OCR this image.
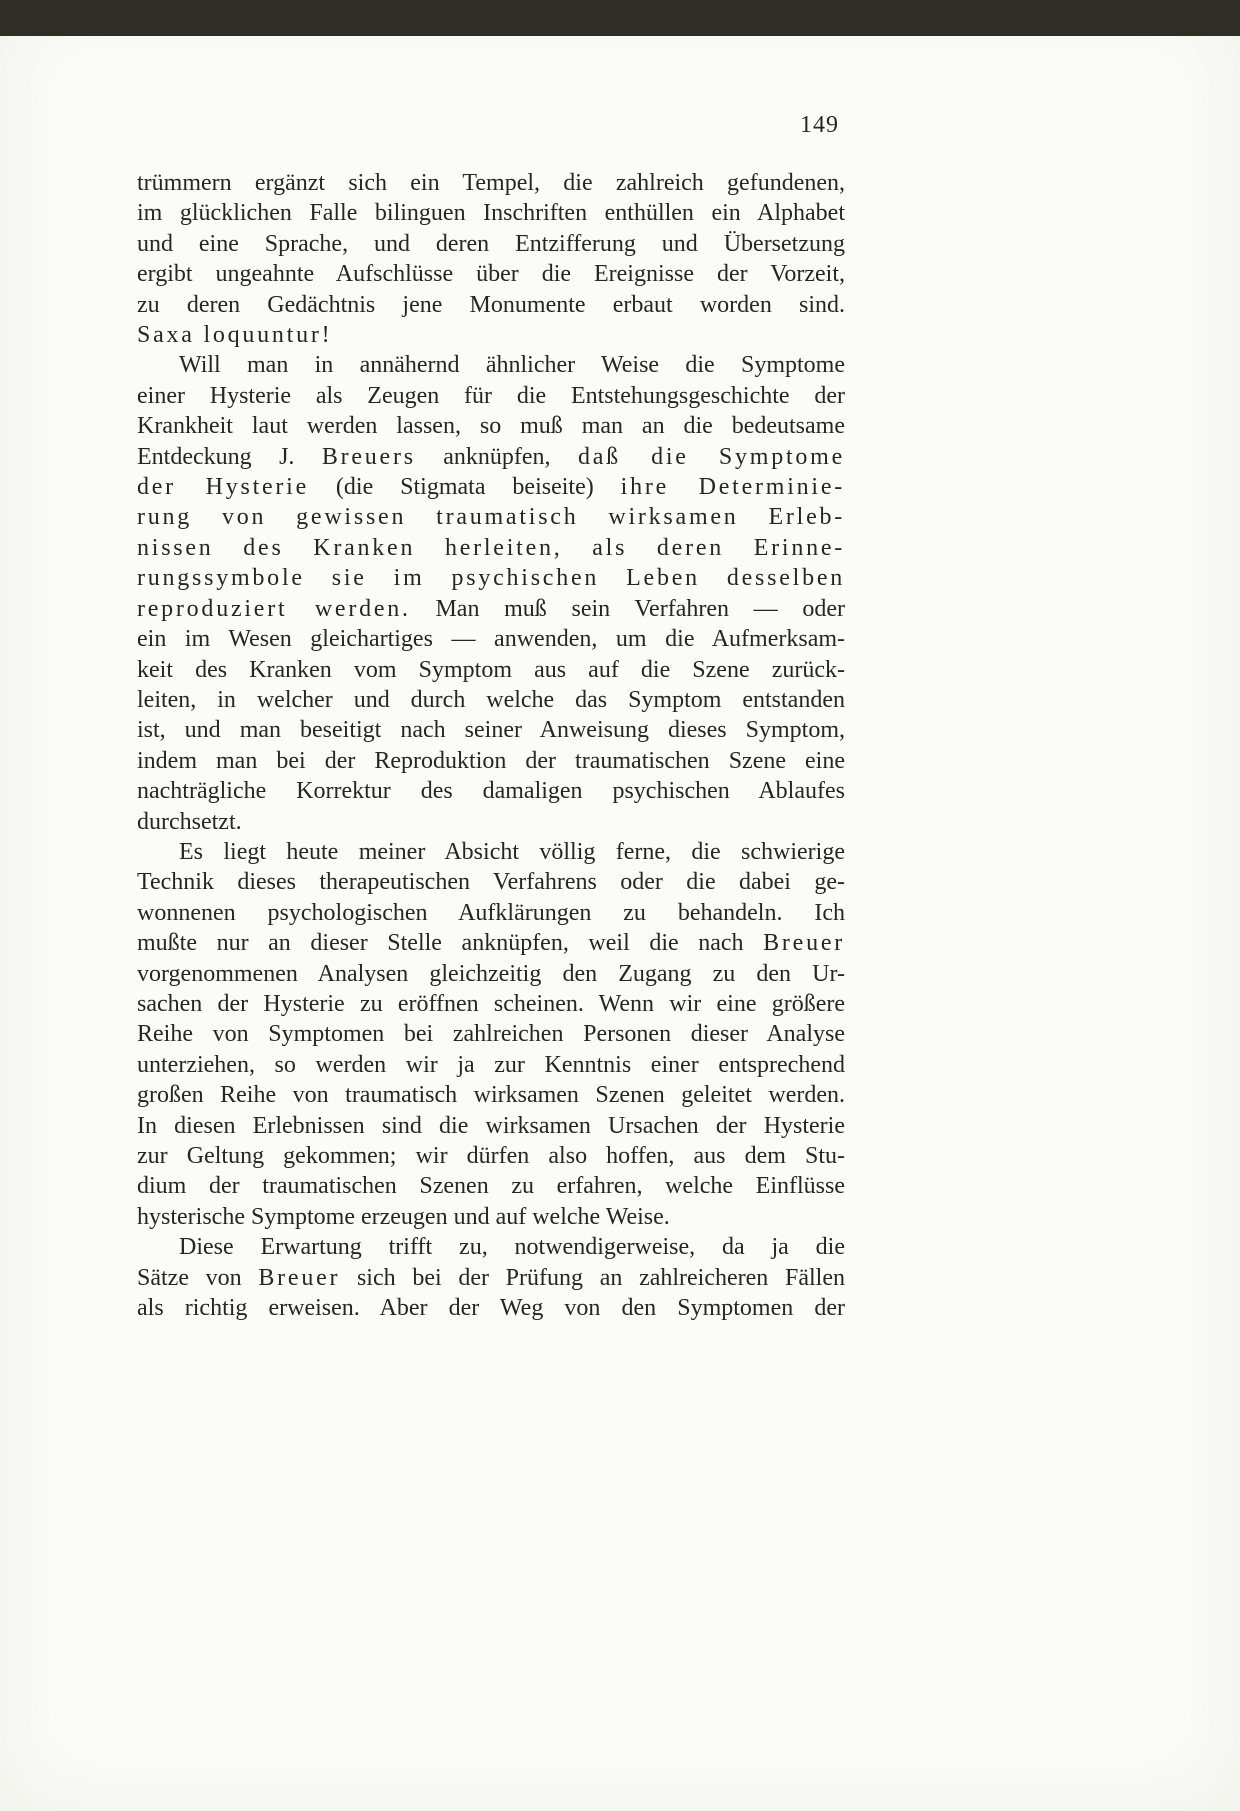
149
trümmern ergänzt sich ein Tempel, die zahlreich gefundenen,
im glücklichen Falle bilinguen Inschriften enthüllen ein Alphabet
und eine Sprache, und deren Entzifferung und Übersetzung
ergibt ungeahnte Aufschlüsse über die Ereignisse der Vorzeit,
zu deren Gedächtnis jene Monumente erbaut worden sind.
Saxa loquuntur!
Will man in annähernd ähnlicher Weise die Symptome
einer Hysterie als Zeugen für die Entstehungsgeschichte der
Krankheit laut werden lassen, so muß man an die bedeutsame
Entdeckung J. Breuers anknüpfen, daß die Symptome
der Hysterie (die Stigmata beiseite) ihre Determinie-
rung von gewissen traumatisch wirksamen Erleb-
nissen des Kranken herleiten, als deren Erinne-
rungssymbole sie im psychischen Leben desselben
reproduziert werden. Man muß sein Verfahren — oder
ein im Wesen gleichartiges — anwenden, um die Aufmerksam-
keit des Kranken vom Symptom aus auf die Szene zurück-
leiten, in welcher und durch welche das Symptom entstanden
ist, und man beseitigt nach seiner Anweisung dieses Symptom,
indem man bei der Reproduktion der traumatischen Szene eine
nachträgliche Korrektur des damaligen psychischen Ablaufes
durchsetzt.
Es liegt heute meiner Absicht völlig ferne, die schwierige
Technik dieses therapeutischen Verfahrens oder die dabei ge-
wonnenen psychologischen Aufklärungen zu behandeln. Ich
mußte nur an dieser Stelle anknüpfen, weil die nach Breuer
vorgenommenen Analysen gleichzeitig den Zugang zu den Ur-
sachen der Hysterie zu eröffnen scheinen. Wenn wir eine größere
Reihe von Symptomen bei zahlreichen Personen dieser Analyse
unterziehen, so werden wir ja zur Kenntnis einer entsprechend
großen Reihe von traumatisch wirksamen Szenen geleitet werden.
In diesen Erlebnissen sind die wirksamen Ursachen der Hysterie
zur Geltung gekommen; wir dürfen also hoffen, aus dem Stu-
dium der traumatischen Szenen zu erfahren, welche Einflüsse
hysterische Symptome erzeugen und auf welche Weise.
Diese Erwartung trifft zu, notwendigerweise, da ja die
Sätze von Breuer sich bei der Prüfung an zahlreicheren Fällen
als richtig erweisen. Aber der Weg von den Symptomen der
